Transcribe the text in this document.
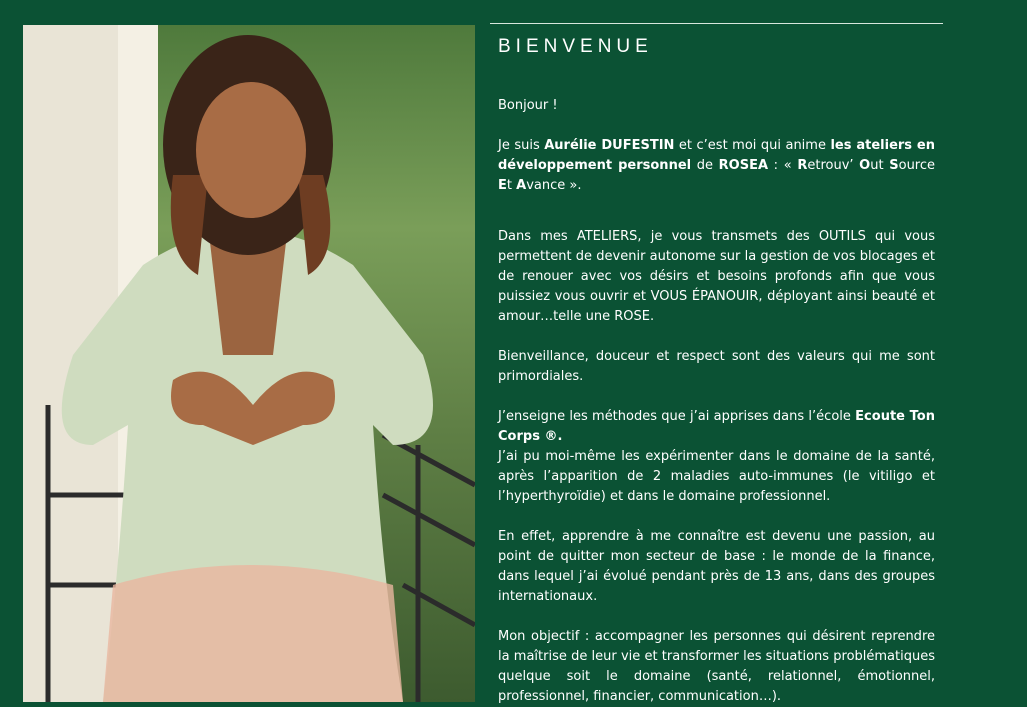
BIENVENUE

Bonjour !

Je suis Aurélie DUFESTIN et c’est moi qui anime les ateliers en développement personnel de ROSEA : « Retrouv’ Out Source Et Avance ».

Dans mes ATELIERS, je vous transmets des OUTILS qui vous permettent de devenir autonome sur la gestion de vos blocages et de renouer avec vos désirs et besoins profonds afin que vous puissiez vous ouvrir et VOUS ÉPANOUIR, déployant ainsi beauté et amour…telle une ROSE.

Bienveillance, douceur et respect sont des valeurs qui me sont primordiales.

J’enseigne les méthodes que j’ai apprises dans l’école Ecoute Ton Corps ®.
J’ai pu moi-même les expérimenter dans le domaine de la santé, après l’apparition de 2 maladies auto-immunes (le vitiligo et l’hyperthyroïdie) et dans le domaine professionnel.

En effet, apprendre à me connaître est devenu une passion, au point de quitter mon secteur de base : le monde de la finance, dans lequel j’ai évolué pendant près de 13 ans, dans des groupes internationaux.

Mon objectif : accompagner les personnes qui désirent reprendre la maîtrise de leur vie et transformer les situations problématiques quelque soit le domaine (santé, relationnel, émotionnel, professionnel, financier, communication…).
